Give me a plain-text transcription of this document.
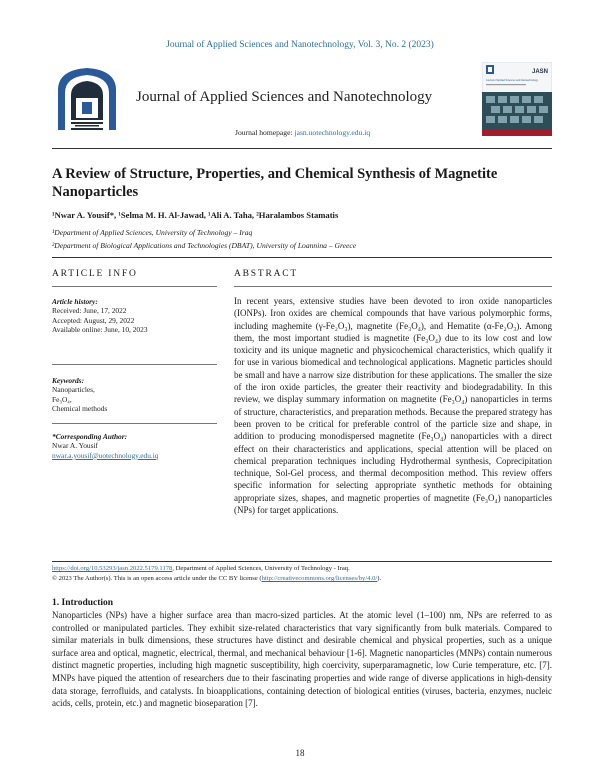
Journal of Applied Sciences and Nanotechnology, Vol. 3, No. 2 (2023)
Journal of Applied Sciences and Nanotechnology
Journal homepage: jasn.uotechnology.edu.iq
JASN
Journal of Applied Sciences and Nanotechnology
A Review of Structure, Properties, and Chemical Synthesis of Magnetite Nanoparticles
¹Nwar A. Yousif*, ¹Selma M. H. Al-Jawad, ¹Ali A. Taha, ²Haralambos Stamatis
¹Department of Applied Sciences, University of Technology – Iraq
²Department of Biological Applications and Technologies (DBAT), University of Loannina – Greece
ARTICLE INFO	ABSTRACT
Article history:
Received: June, 17, 2022
Accepted: August, 29, 2022
Available online: June, 10, 2023
Keywords:
Nanoparticles,
Fe₃O₄,
Chemical methods
*Corresponding Author:
Nwar A. Yousif
nwar.a.yousif@uotechnology.edu.iq
In recent years, extensive studies have been devoted to iron oxide nanoparticles (IONPs). Iron oxides are chemical compounds that have various polymorphic forms, including maghemite (γ-Fe₂O₃), magnetite (Fe₃O₄), and Hematite (α-Fe₂O₃). Among them, the most important studied is magnetite (Fe₃O₄) due to its low cost and low toxicity and its unique magnetic and physicochemical characteristics, which qualify it for use in various biomedical and technological applications. Magnetic particles should be small and have a narrow size distribution for these applications. The smaller the size of the iron oxide particles, the greater their reactivity and biodegradability. In this review, we display summary information on magnetite (Fe₃O₄) nanoparticles in terms of structure, characteristics, and preparation methods. Because the prepared strategy has been proven to be critical for preferable control of the particle size and shape, in addition to producing monodispersed magnetite (Fe₃O₄) nanoparticles with a direct effect on their characteristics and applications, special attention will be placed on chemical preparation techniques including Hydrothermal synthesis, Coprecipitation technique, Sol-Gel process, and thermal decomposition method. This review offers specific information for selecting appropriate synthetic methods for obtaining appropriate sizes, shapes, and magnetic properties of magnetite (Fe₃O₄) nanoparticles (NPs) for target applications.
https://doi.org/10.53293/jasn.2022.5179.1178, Department of Applied Sciences, University of Technology - Iraq.
© 2023 The Author(s). This is an open access article under the CC BY license (http://creativecommons.org/licenses/by/4.0/).
1. Introduction
Nanoparticles (NPs) have a higher surface area than macro-sized particles. At the atomic level (1–100) nm, NPs are referred to as controlled or manipulated particles. They exhibit size-related characteristics that vary significantly from bulk materials. Compared to similar materials in bulk dimensions, these structures have distinct and desirable chemical and physical properties, such as a unique surface area and optical, magnetic, electrical, thermal, and mechanical behaviour [1-6]. Magnetic nanoparticles (MNPs) contain numerous distinct magnetic properties, including high magnetic susceptibility, high coercivity, superparamagnetic, low Curie temperature, etc. [7]. MNPs have piqued the attention of researchers due to their fascinating properties and wide range of diverse applications in high-density data storage, ferrofluids, and catalysts. In bioapplications, containing detection of biological entities (viruses, bacteria, enzymes, nucleic acids, cells, protein, etc.) and magnetic bioseparation [7].
18
